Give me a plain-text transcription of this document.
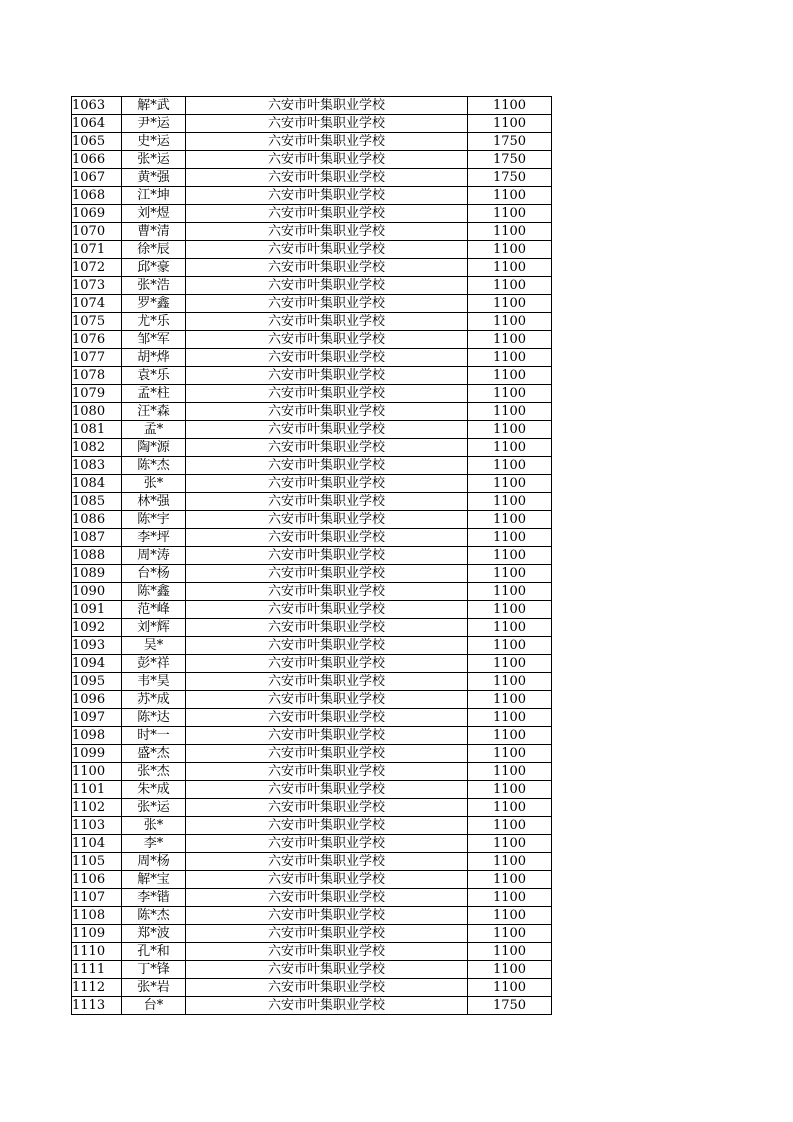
1063	解*武	六安市叶集职业学校	1100
1064	尹*运	六安市叶集职业学校	1100
1065	史*运	六安市叶集职业学校	1750
1066	张*运	六安市叶集职业学校	1750
1067	黄*强	六安市叶集职业学校	1750
1068	江*坤	六安市叶集职业学校	1100
1069	刘*煜	六安市叶集职业学校	1100
1070	曹*清	六安市叶集职业学校	1100
1071	徐*辰	六安市叶集职业学校	1100
1072	邱*豪	六安市叶集职业学校	1100
1073	张*浩	六安市叶集职业学校	1100
1074	罗*鑫	六安市叶集职业学校	1100
1075	尤*乐	六安市叶集职业学校	1100
1076	邹*军	六安市叶集职业学校	1100
1077	胡*烨	六安市叶集职业学校	1100
1078	袁*乐	六安市叶集职业学校	1100
1079	孟*柱	六安市叶集职业学校	1100
1080	汪*森	六安市叶集职业学校	1100
1081	孟*	六安市叶集职业学校	1100
1082	陶*源	六安市叶集职业学校	1100
1083	陈*杰	六安市叶集职业学校	1100
1084	张*	六安市叶集职业学校	1100
1085	林*强	六安市叶集职业学校	1100
1086	陈*宇	六安市叶集职业学校	1100
1087	李*坪	六安市叶集职业学校	1100
1088	周*涛	六安市叶集职业学校	1100
1089	台*杨	六安市叶集职业学校	1100
1090	陈*鑫	六安市叶集职业学校	1100
1091	范*峰	六安市叶集职业学校	1100
1092	刘*辉	六安市叶集职业学校	1100
1093	吴*	六安市叶集职业学校	1100
1094	彭*祥	六安市叶集职业学校	1100
1095	韦*昊	六安市叶集职业学校	1100
1096	苏*成	六安市叶集职业学校	1100
1097	陈*达	六安市叶集职业学校	1100
1098	时*一	六安市叶集职业学校	1100
1099	盛*杰	六安市叶集职业学校	1100
1100	张*杰	六安市叶集职业学校	1100
1101	朱*成	六安市叶集职业学校	1100
1102	张*运	六安市叶集职业学校	1100
1103	张*	六安市叶集职业学校	1100
1104	李*	六安市叶集职业学校	1100
1105	周*杨	六安市叶集职业学校	1100
1106	解*宝	六安市叶集职业学校	1100
1107	李*锴	六安市叶集职业学校	1100
1108	陈*杰	六安市叶集职业学校	1100
1109	郑*波	六安市叶集职业学校	1100
1110	孔*和	六安市叶集职业学校	1100
1111	丁*锋	六安市叶集职业学校	1100
1112	张*岩	六安市叶集职业学校	1100
1113	台*	六安市叶集职业学校	1750
